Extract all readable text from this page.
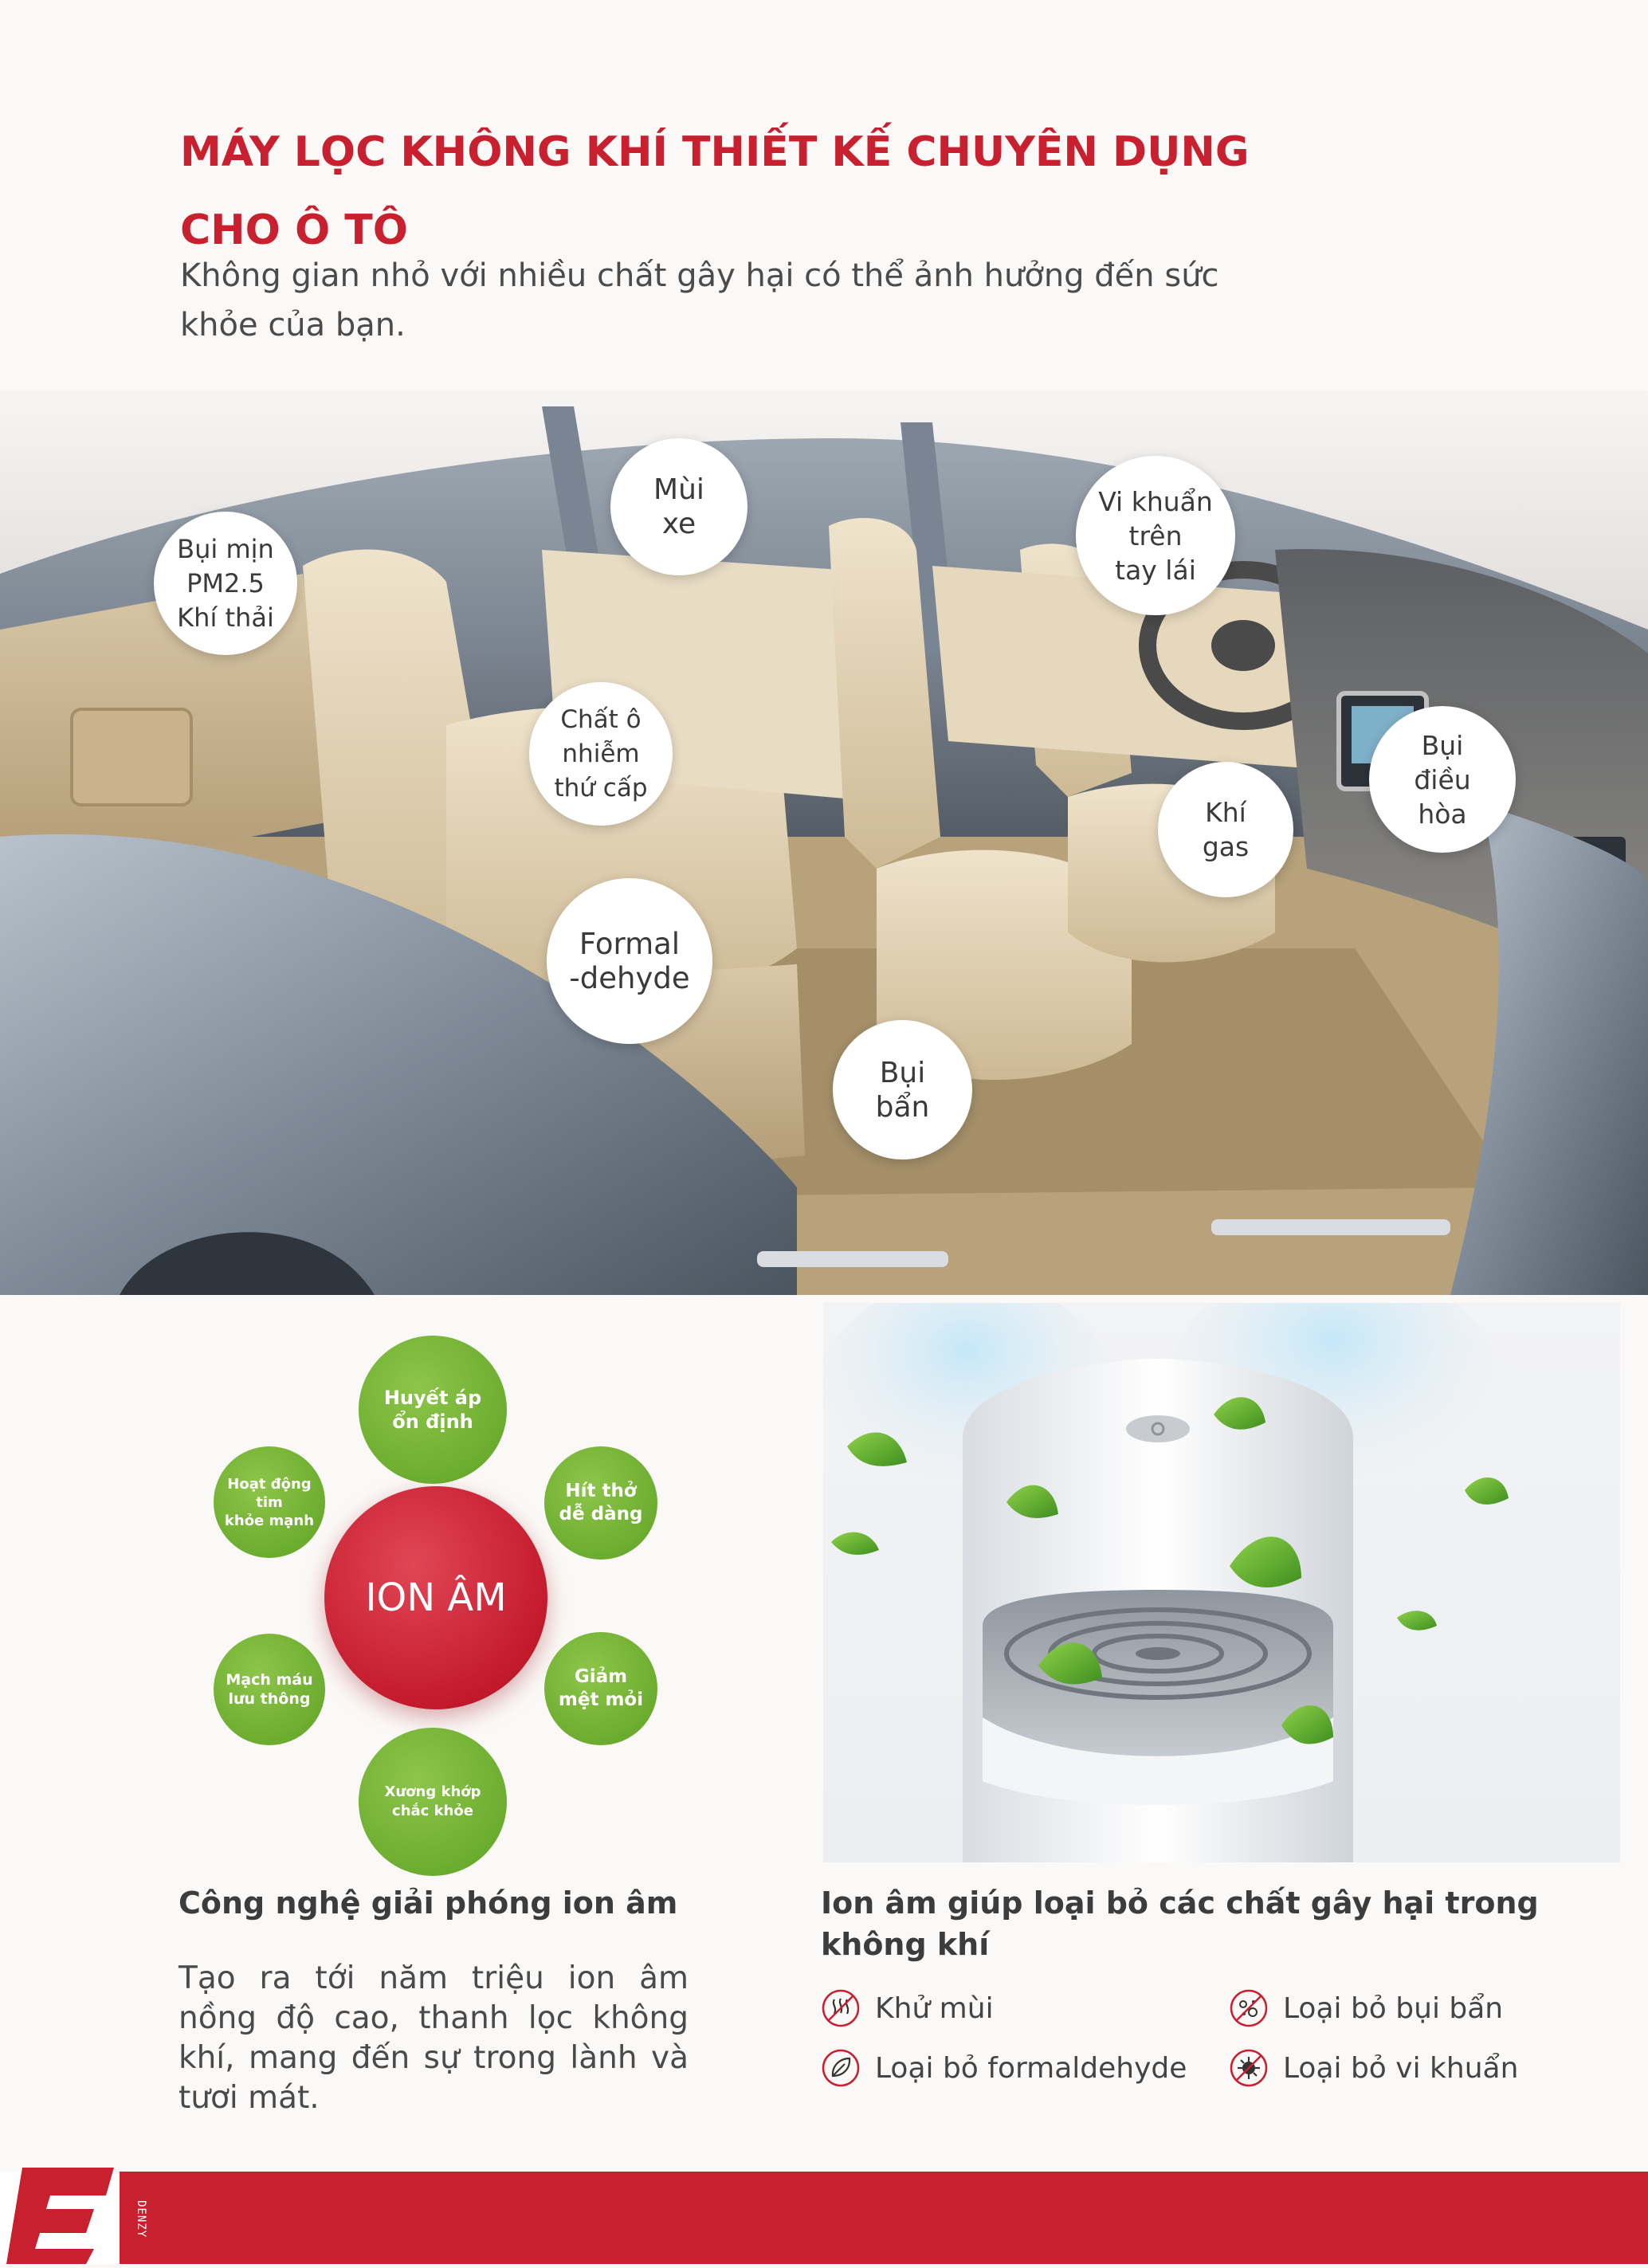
MÁY LỌC KHÔNG KHÍ THIẾT KẾ CHUYÊN DỤNG
CHO Ô TÔ

Không gian nhỏ với nhiều chất gây hại có thể ảnh hưởng đến sức
khỏe của bạn.

Bụi mịn
PM2.5
Khí thải
Mùi
xe
Vi khuẩn
trên
tay lái
Chất ô
nhiễm
thứ cấp
Khí
gas
Bụi
điều
hòa
Formal
-dehyde
Bụi
bẩn
ION ÂM
Huyết áp
ổn định
Hít thở
dễ dàng
Giảm
mệt mỏi
Xương khớp
chắc khỏe
Mạch máu
lưu thông
Hoạt động
tim
khỏe mạnh
Công nghệ giải phóng ion âm

Tạo ra tới năm triệu ion âm nồng độ cao, thanh lọc không khí, mang đến sự trong lành và tươi mát.

Ion âm giúp loại bỏ các chất gây hại trong
không khí
Khử mùi	Loại bỏ bụi bẩn
Loại bỏ formaldehyde	Loại bỏ vi khuẩn
DENZY
